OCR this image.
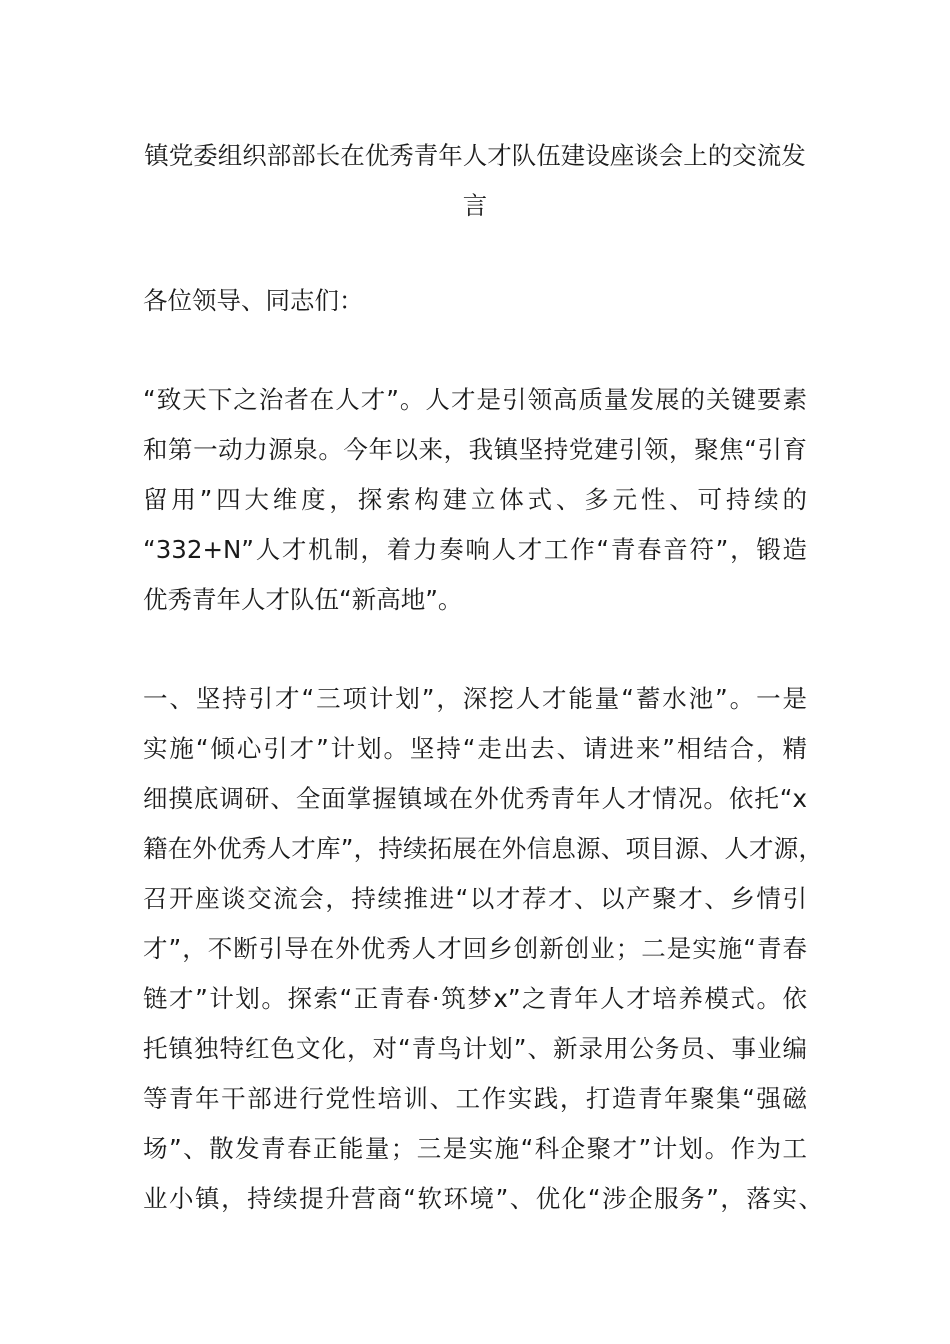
镇党委组织部部长在优秀青年人才队伍建设座谈会上的交流发言
各位领导、同志们：
“致天下之治者在人才”。人才是引领高质量发展的关键要素
和第一动力源泉。今年以来，我镇坚持党建引领，聚焦“引育
留用”四大维度，探索构建立体式、多元性、可持续的
“332+N”人才机制，着力奏响人才工作“青春音符”，锻造
优秀青年人才队伍“新高地”。
一、坚持引才“三项计划”，深挖人才能量“蓄水池”。一是
实施“倾心引才”计划。坚持“走出去、请进来”相结合，精
细摸底调研、全面掌握镇域在外优秀青年人才情况。依托“x
籍在外优秀人才库”，持续拓展在外信息源、项目源、人才源，
召开座谈交流会，持续推进“以才荐才、以产聚才、乡情引
才”，不断引导在外优秀人才回乡创新创业；二是实施“青春
链才”计划。探索“正青春·筑梦x”之青年人才培养模式。依
托镇独特红色文化，对“青鸟计划”、新录用公务员、事业编
等青年干部进行党性培训、工作实践，打造青年聚集“强磁
场”、散发青春正能量；三是实施“科企聚才”计划。作为工
业小镇，持续提升营商“软环境”、优化“涉企服务”，落实、
